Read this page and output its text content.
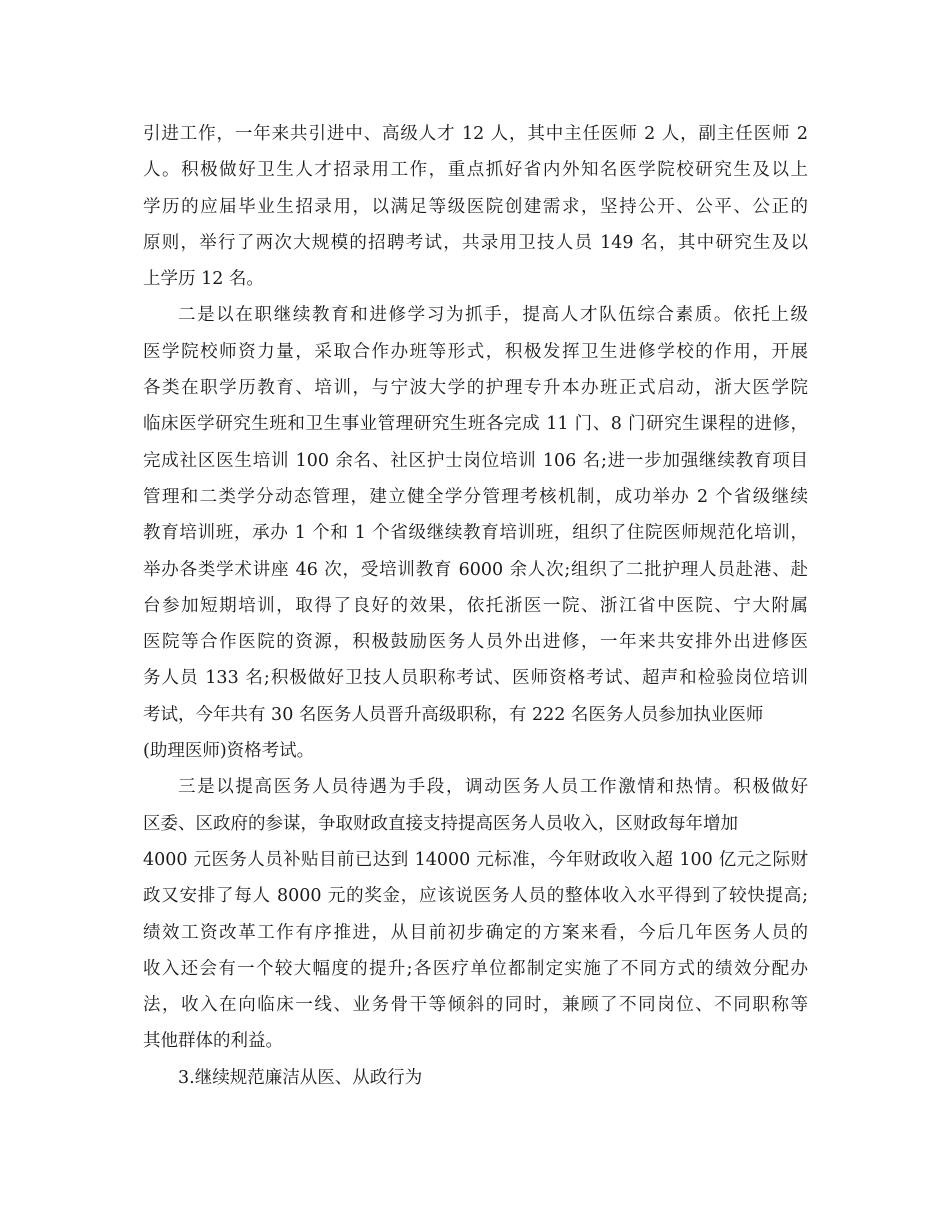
引进工作，一年来共引进中、高级人才 12 人，其中主任医师 2 人，副主任医师 2
人。积极做好卫生人才招录用工作，重点抓好省内外知名医学院校研究生及以上
学历的应届毕业生招录用，以满足等级医院创建需求，坚持公开、公平、公正的
原则，举行了两次大规模的招聘考试，共录用卫技人员 149 名，其中研究生及以
上学历 12 名。
二是以在职继续教育和进修学习为抓手，提高人才队伍综合素质。依托上级
医学院校师资力量，采取合作办班等形式，积极发挥卫生进修学校的作用，开展
各类在职学历教育、培训，与宁波大学的护理专升本办班正式启动，浙大医学院
临床医学研究生班和卫生事业管理研究生班各完成 11 门、8 门研究生课程的进修，
完成社区医生培训 100 余名、社区护士岗位培训 106 名;进一步加强继续教育项目
管理和二类学分动态管理，建立健全学分管理考核机制，成功举办 2 个省级继续
教育培训班，承办 1 个和 1 个省级继续教育培训班，组织了住院医师规范化培训，
举办各类学术讲座 46 次，受培训教育 6000 余人次;组织了二批护理人员赴港、赴
台参加短期培训，取得了良好的效果，依托浙医一院、浙江省中医院、宁大附属
医院等合作医院的资源，积极鼓励医务人员外出进修，一年来共安排外出进修医
务人员 133 名;积极做好卫技人员职称考试、医师资格考试、超声和检验岗位培训
考试，今年共有 30 名医务人员晋升高级职称，有 222 名医务人员参加执业医师
(助理医师)资格考试。
三是以提高医务人员待遇为手段，调动医务人员工作激情和热情。积极做好
区委、区政府的参谋，争取财政直接支持提高医务人员收入，区财政每年增加
4000 元医务人员补贴目前已达到 14000 元标准，今年财政收入超 100 亿元之际财
政又安排了每人 8000 元的奖金，应该说医务人员的整体收入水平得到了较快提高;
绩效工资改革工作有序推进，从目前初步确定的方案来看，今后几年医务人员的
收入还会有一个较大幅度的提升;各医疗单位都制定实施了不同方式的绩效分配办
法，收入在向临床一线、业务骨干等倾斜的同时，兼顾了不同岗位、不同职称等
其他群体的利益。
3.继续规范廉洁从医、从政行为
